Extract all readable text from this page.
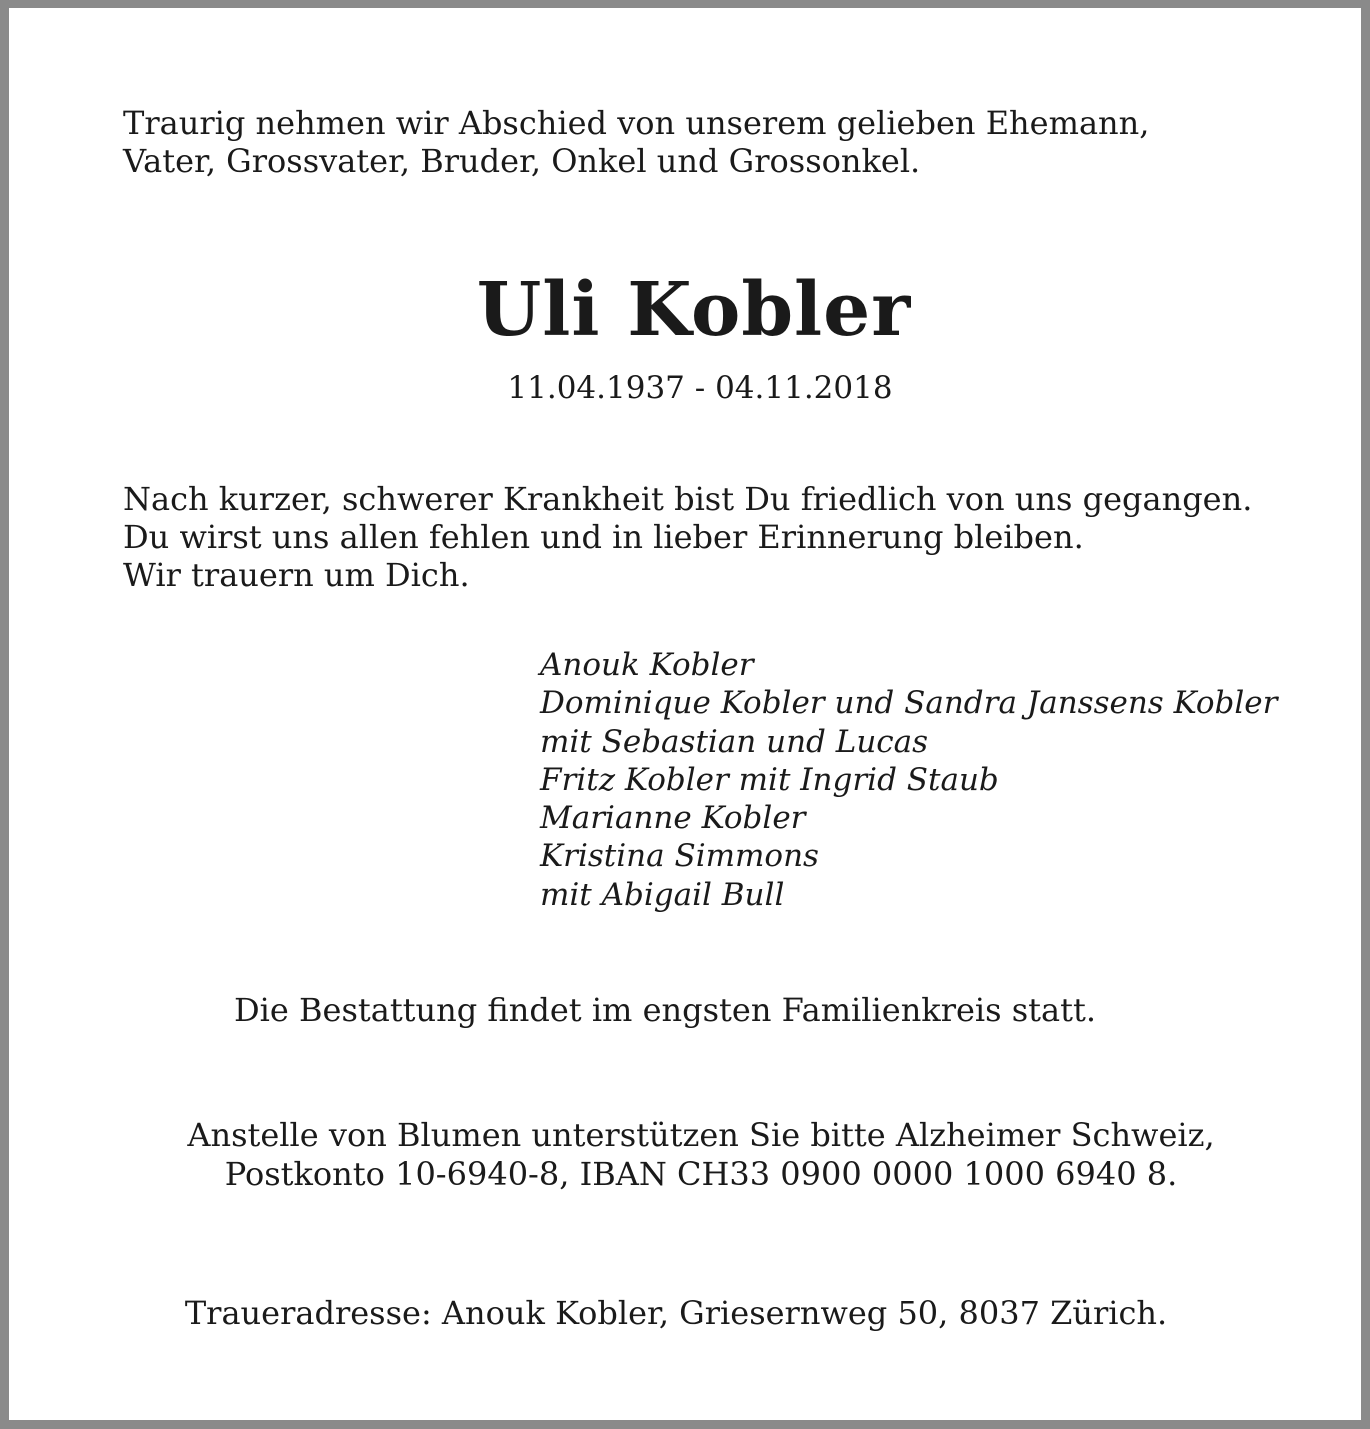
Traurig nehmen wir Abschied von unserem gelieben Ehemann,
Vater, Grossvater, Bruder, Onkel und Grossonkel.
Uli Kobler
11.04.1937 - 04.11.2018
Nach kurzer, schwerer Krankheit bist Du friedlich von uns gegangen.
Du wirst uns allen fehlen und in lieber Erinnerung bleiben.
Wir trauern um Dich.
Anouk Kobler
Dominique Kobler und Sandra Janssens Kobler
mit Sebastian und Lucas
Fritz Kobler mit Ingrid Staub
Marianne Kobler
Kristina Simmons
mit Abigail Bull
Die Bestattung findet im engsten Familienkreis statt.
Anstelle von Blumen unterstützen Sie bitte Alzheimer Schweiz,
Postkonto 10-6940-8, IBAN CH33 0900 0000 1000 6940 8.
Traueradresse: Anouk Kobler, Griesernweg 50, 8037 Zürich.
